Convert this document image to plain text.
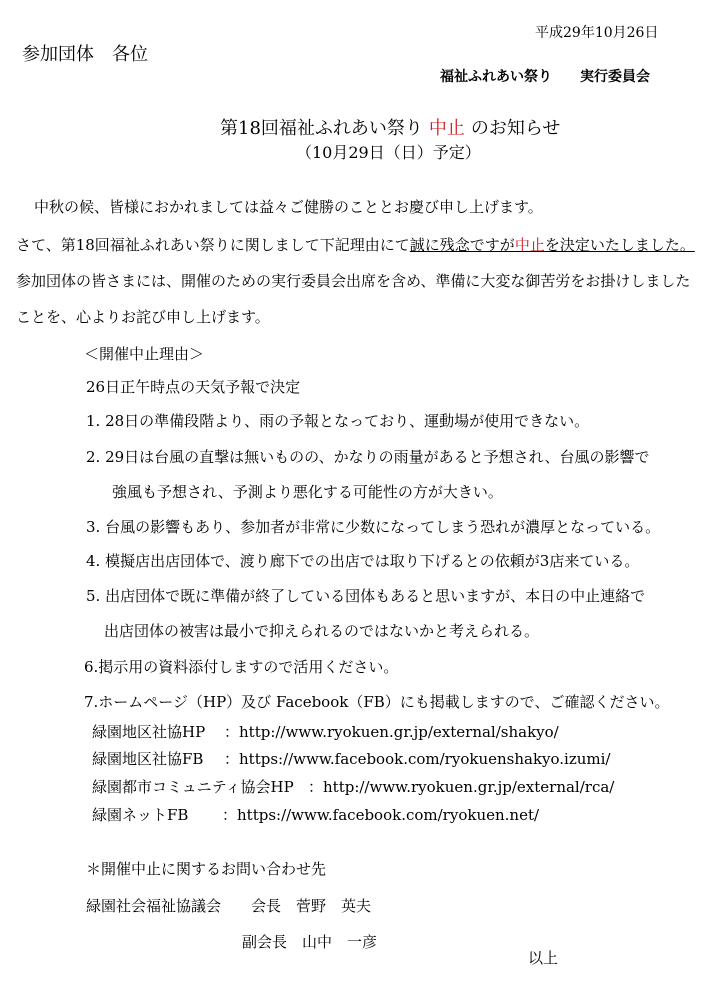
平成29年10月26日
参加団体　各位
福祉ふれあい祭り　　実行委員会
第18回福祉ふれあい祭り 中止 のお知らせ
（10月29日（日）予定）
中秋の候、皆様におかれましては益々ご健勝のこととお慶び申し上げます。
さて、第18回福祉ふれあい祭りに関しまして下記理由にて誠に残念ですが中止を決定いたしました。
参加団体の皆さまには、開催のための実行委員会出席を含め、準備に大変な御苦労をお掛けしました
ことを、心よりお詫び申し上げます。
＜開催中止理由＞
26日正午時点の天気予報で決定
1. 28日の準備段階より、雨の予報となっており、運動場が使用できない。
2. 29日は台風の直撃は無いものの、かなりの雨量があると予想され、台風の影響で
強風も予想され、予測より悪化する可能性の方が大きい。
3. 台風の影響もあり、参加者が非常に少数になってしまう恐れが濃厚となっている。
4. 模擬店出店団体で、渡り廊下での出店では取り下げるとの依頼が3店来ている。
5. 出店団体で既に準備が終了している団体もあると思いますが、本日の中止連絡で
出店団体の被害は最小で抑えられるのではないかと考えられる。
6.掲示用の資料添付しますので活用ください。
7.ホームページ（HP）及び Facebook（FB）にも掲載しますので、ご確認ください。
緑園地区社協HP ：http://www.ryokuen.gr.jp/external/shakyo/
緑園地区社協FB ：https://www.facebook.com/ryokuenshakyo.izumi/
緑園都市コミュニティ協会HP ：http://www.ryokuen.gr.jp/external/rca/
緑園ネットFB ：https://www.facebook.com/ryokuen.net/
＊開催中止に関するお問い合わせ先
緑園社会福祉協議会　　会長　菅野　英夫
副会長　山中　一彦
以上
